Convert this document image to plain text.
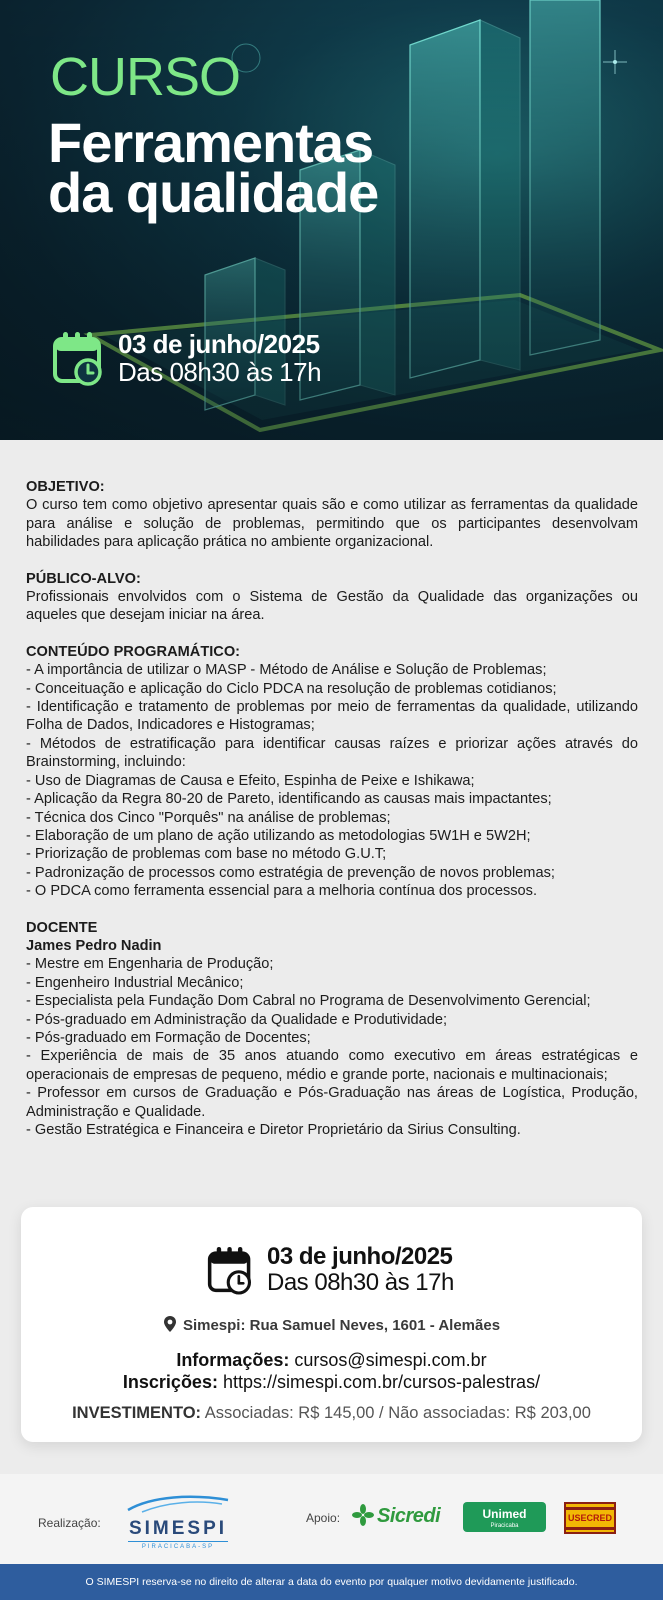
CURSO
Ferramentas
da qualidade
03 de junho/2025
Das 08h30 às 17h
OBJETIVO:

O curso tem como objetivo apresentar quais são e como utilizar as ferramentas da qualidade para análise e solução de problemas, permitindo que os participantes desenvolvam habilidades para aplicação prática no ambiente organizacional.

PÚBLICO-ALVO:

Profissionais envolvidos com o Sistema de Gestão da Qualidade das organizações ou aqueles que desejam iniciar na área.

CONTEÚDO PROGRAMÁTICO:
- A importância de utilizar o MASP - Método de Análise e Solução de Problemas;
- Conceituação e aplicação do Ciclo PDCA na resolução de problemas cotidianos;
- Identificação e tratamento de problemas por meio de ferramentas da qualidade, utilizando Folha de Dados, Indicadores e Histogramas;
- Métodos de estratificação para identificar causas raízes e priorizar ações através do Brainstorming, incluindo:
- Uso de Diagramas de Causa e Efeito, Espinha de Peixe e Ishikawa;
- Aplicação da Regra 80-20 de Pareto, identificando as causas mais impactantes;
- Técnica dos Cinco "Porquês" na análise de problemas;
- Elaboração de um plano de ação utilizando as metodologias 5W1H e 5W2H;
- Priorização de problemas com base no método G.U.T;
- Padronização de processos como estratégia de prevenção de novos problemas;
- O PDCA como ferramenta essencial para a melhoria contínua dos processos.
DOCENTE
James Pedro Nadin
- Mestre em Engenharia de Produção;
- Engenheiro Industrial Mecânico;
- Especialista pela Fundação Dom Cabral no Programa de Desenvolvimento Gerencial;
- Pós-graduado em Administração da Qualidade e Produtividade;
- Pós-graduado em Formação de Docentes;
- Experiência de mais de 35 anos atuando como executivo em áreas estratégicas e operacionais de empresas de pequeno, médio e grande porte, nacionais e multinacionais;
- Professor em cursos de Graduação e Pós-Graduação nas áreas de Logística, Produção, Administração e Qualidade.
- Gestão Estratégica e Financeira e Diretor Proprietário da Sirius Consulting.
03 de junho/2025
Das 08h30 às 17h
Simespi: Rua Samuel Neves, 1601 - Alemães
Informações: cursos@simespi.com.br
Inscrições: https://simespi.com.br/cursos-palestras/
INVESTIMENTO: Associadas: R$ 145,00 / Não associadas: R$ 203,00
Realização:	SIMESPI
PIRACICABA-SP
Apoio:	Sicredi	Unimed
Piracicaba
USECRED
O SIMESPI reserva-se no direito de alterar a data do evento por qualquer motivo devidamente justificado.
